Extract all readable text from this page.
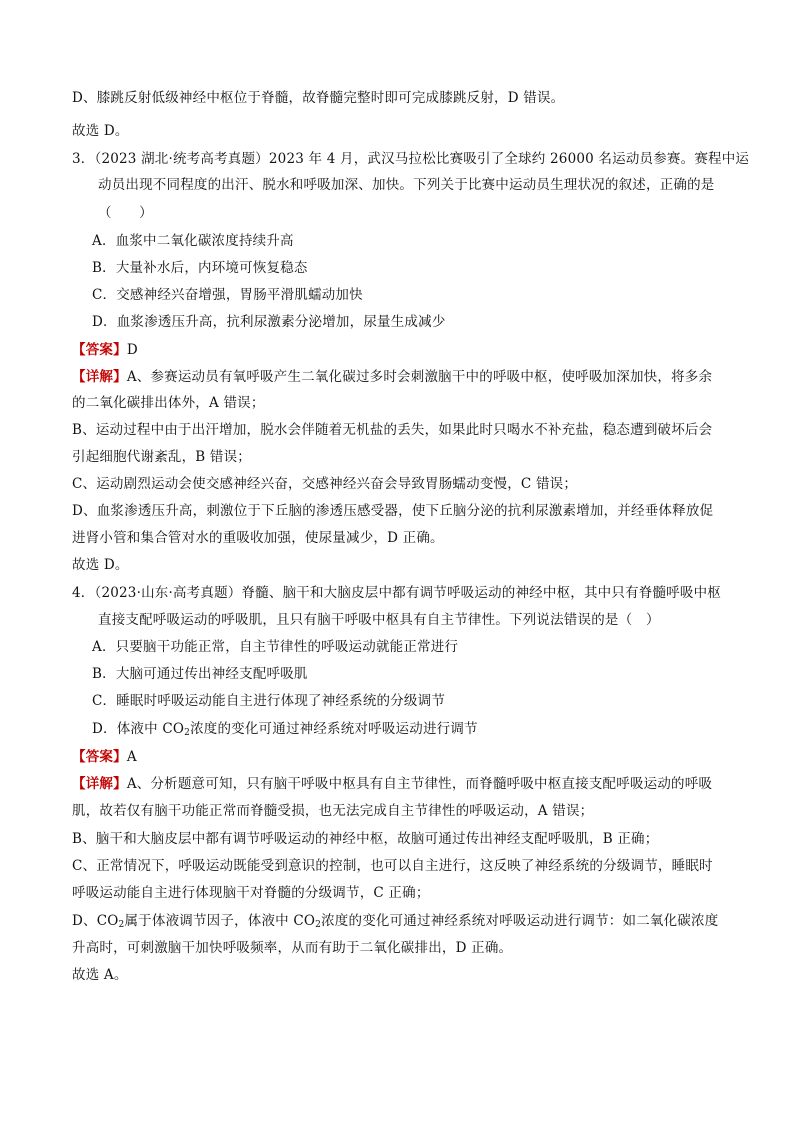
D、膝跳反射低级神经中枢位于脊髓，故脊髓完整时即可完成膝跳反射，D 错误。
故选 D。
3．（2023 湖北·统考高考真题）2023 年 4 月，武汉马拉松比赛吸引了全球约 26000 名运动员参赛。赛程中运
动员出现不同程度的出汗、脱水和呼吸加深、加快。下列关于比赛中运动员生理状况的叙述，正确的是
（　　）
A．血浆中二氧化碳浓度持续升高
B．大量补水后，内环境可恢复稳态
C．交感神经兴奋增强，胃肠平滑肌蠕动加快
D．血浆渗透压升高，抗利尿激素分泌增加，尿量生成减少
【答案】D
【详解】A、参赛运动员有氧呼吸产生二氧化碳过多时会刺激脑干中的呼吸中枢，使呼吸加深加快，将多余
的二氧化碳排出体外，A 错误；
B、运动过程中由于出汗增加，脱水会伴随着无机盐的丢失，如果此时只喝水不补充盐，稳态遭到破坏后会
引起细胞代谢紊乱，B 错误；
C、运动剧烈运动会使交感神经兴奋，交感神经兴奋会导致胃肠蠕动变慢，C 错误；
D、血浆渗透压升高，刺激位于下丘脑的渗透压感受器，使下丘脑分泌的抗利尿激素增加，并经垂体释放促
进肾小管和集合管对水的重吸收加强，使尿量减少，D 正确。
故选 D。
4．（2023·山东·高考真题）脊髓、脑干和大脑皮层中都有调节呼吸运动的神经中枢，其中只有脊髓呼吸中枢
直接支配呼吸运动的呼吸肌，且只有脑干呼吸中枢具有自主节律性。下列说法错误的是（　）
A．只要脑干功能正常，自主节律性的呼吸运动就能正常进行
B．大脑可通过传出神经支配呼吸肌
C．睡眠时呼吸运动能自主进行体现了神经系统的分级调节
D．体液中 $CO_2$浓度的变化可通过神经系统对呼吸运动进行调节
【答案】A
【详解】A、分析题意可知，只有脑干呼吸中枢具有自主节律性，而脊髓呼吸中枢直接支配呼吸运动的呼吸
肌，故若仅有脑干功能正常而脊髓受损，也无法完成自主节律性的呼吸运动，A 错误；
B、脑干和大脑皮层中都有调节呼吸运动的神经中枢，故脑可通过传出神经支配呼吸肌，B 正确；
C、正常情况下，呼吸运动既能受到意识的控制，也可以自主进行，这反映了神经系统的分级调节，睡眠时
呼吸运动能自主进行体现脑干对脊髓的分级调节，C 正确；
D、$CO_2$属于体液调节因子，体液中 $CO_2$浓度的变化可通过神经系统对呼吸运动进行调节：如二氧化碳浓度
升高时，可刺激脑干加快呼吸频率，从而有助于二氧化碳排出，D 正确。
故选 A。
